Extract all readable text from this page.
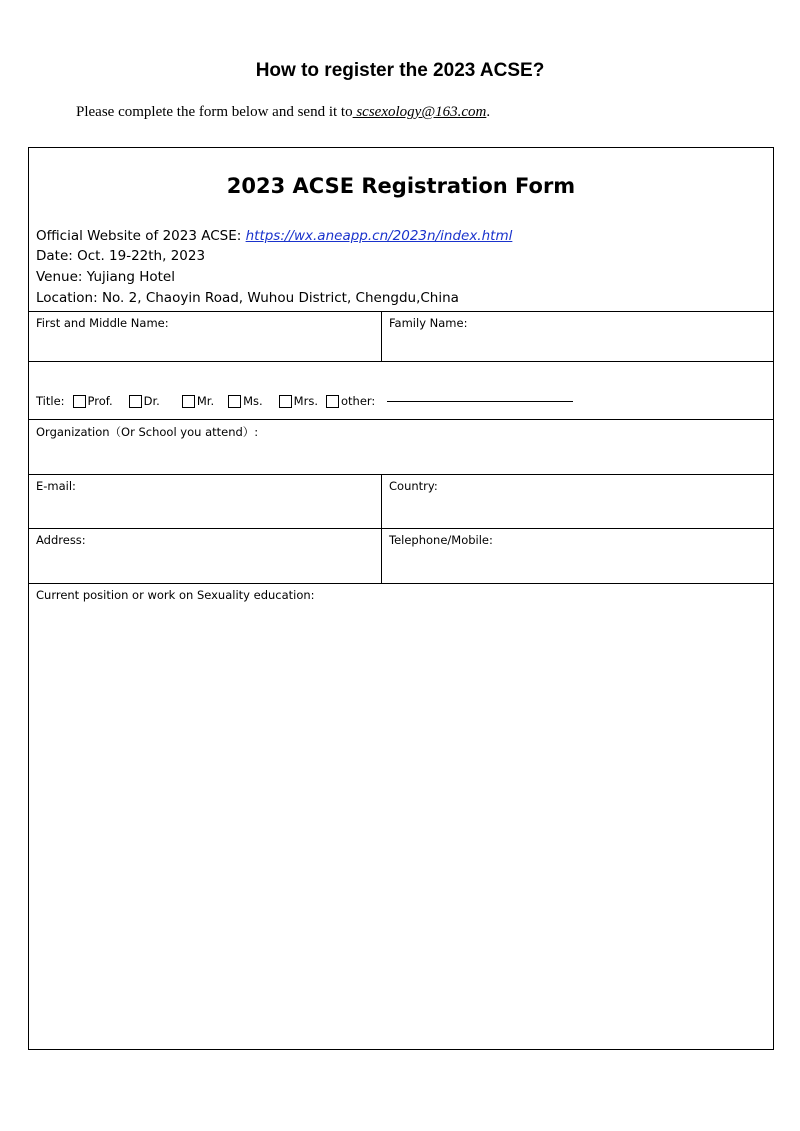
How to register the 2023 ACSE?
Please complete the form below and send it to scsexology@163.com.
2023 ACSE Registration Form
Official Website of 2023 ACSE: https://wx.aneapp.cn/2023n/index.html
Date: Oct. 19-22th, 2023
Venue: Yujiang Hotel
Location: No. 2, Chaoyin Road, Wuhou District, Chengdu,China
First and Middle Name:	Family Name:
Title: Prof.	Dr.	Mr.	Ms.	Mrs. other:
Organization（Or School you attend）:
E-mail:	Country:
Address:	Telephone/Mobile:
Current position or work on Sexuality education:
